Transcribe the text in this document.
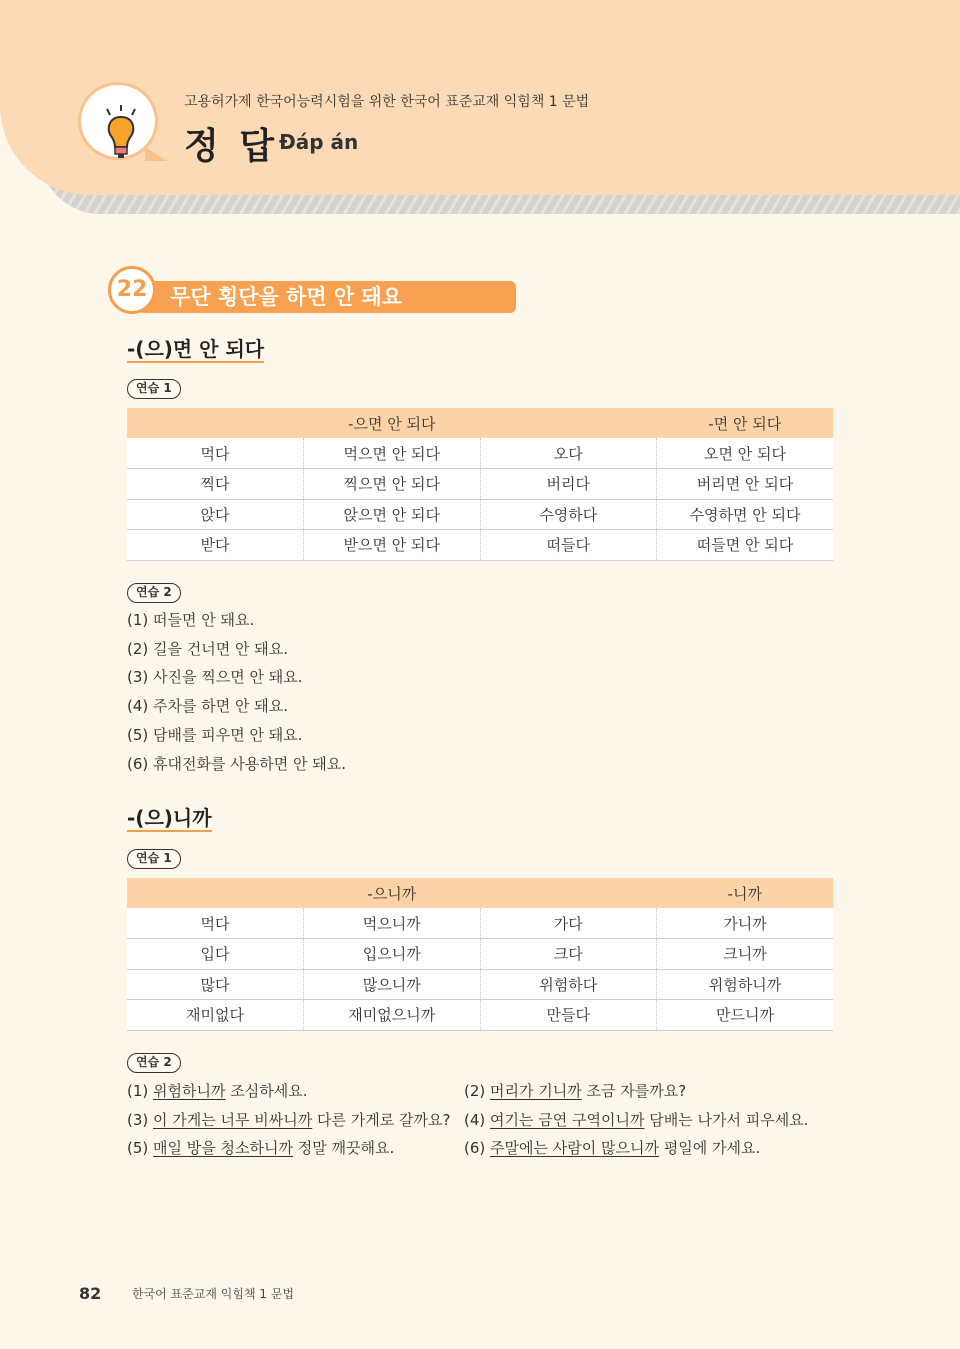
고용허가제 한국어능력시험을 위한 한국어 표준교재 익힘책 1 문법
정 답 Đáp án
22	무단 횡단을 하면 안 돼요
-(으)면 안 되다
연습 1
-으면 안 되다			-면 안 되다
먹다	먹으면 안 되다	오다	오면 안 되다
찍다	찍으면 안 되다	버리다	버리면 안 되다
앉다	앉으면 안 되다	수영하다	수영하면 안 되다
받다	받으면 안 되다	떠들다	떠들면 안 되다
연습 2
(1) 떠들면 안 돼요.
(2) 길을 건너면 안 돼요.
(3) 사진을 찍으면 안 돼요.
(4) 주차를 하면 안 돼요.
(5) 담배를 피우면 안 돼요.
(6) 휴대전화를 사용하면 안 돼요.
-(으)니까
연습 1
-으니까			-니까
먹다	먹으니까	가다	가니까
입다	입으니까	크다	크니까
많다	많으니까	위험하다	위험하니까
재미없다	재미없으니까	만들다	만드니까
연습 2
(1) 위험하니까 조심하세요.	(2) 머리가 기니까 조금 자를까요?
(3) 이 가게는 너무 비싸니까 다른 가게로 갈까요? (4) 여기는 금연 구역이니까 담배는 나가서 피우세요.
(5) 매일 방을 청소하니까 정말 깨끗해요.	(6) 주말에는 사람이 많으니까 평일에 가세요.
82	한국어 표준교재 익힘책 1 문법
